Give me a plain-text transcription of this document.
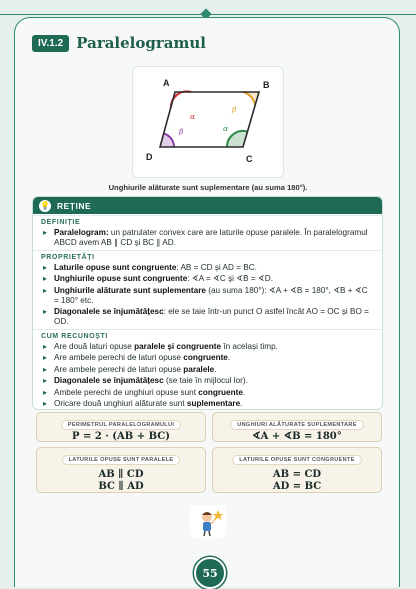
IV.1.2 Paralelogramul
A	B
C
D
α
β
α
β
Unghiurile alăturate sunt suplementare (au suma 180°).
💡 REȚINE
DEFINIȚIE
▸ Paralelogram: un patrulater convex care are laturile opuse paralele. În paralelogramul ABCD avem AB ∥ CD și BC ∥ AD.
PROPRIETĂȚI
▸ Laturile opuse sunt congruente: AB = CD și AD = BC.
▸ Unghiurile opuse sunt congruente: ∢A = ∢C și ∢B = ∢D.
▸ Unghiurile alăturate sunt suplementare (au suma 180°): ∢A + ∢B = 180°, ∢B + ∢C = 180° etc.
▸ Diagonalele se înjumătățesc: ele se taie într-un punct O astfel încât AO = OC și BO = OD.
CUM RECUNOȘTI
▸ Are două laturi opuse paralele și congruente în același timp.
▸ Are ambele perechi de laturi opuse congruente.
▸ Are ambele perechi de laturi opuse paralele.
▸ Diagonalele se înjumătățesc (se taie în mijlocul lor).
▸ Ambele perechi de unghiuri opuse sunt congruente.
▸ Oricare două unghiuri alăturate sunt suplementare.
PERIMETRUL PARALELOGRAMULUI
P = 2 · (AB + BC)
UNGHIURI ALĂTURATE SUPLEMENTARE
∢A + ∢B = 180°
LATURILE OPUSE SUNT PARALELE
AB ∥ CD
BC ∥ AD
LATURILE OPUSE SUNT CONGRUENTE
AB = CD
AD = BC
55
